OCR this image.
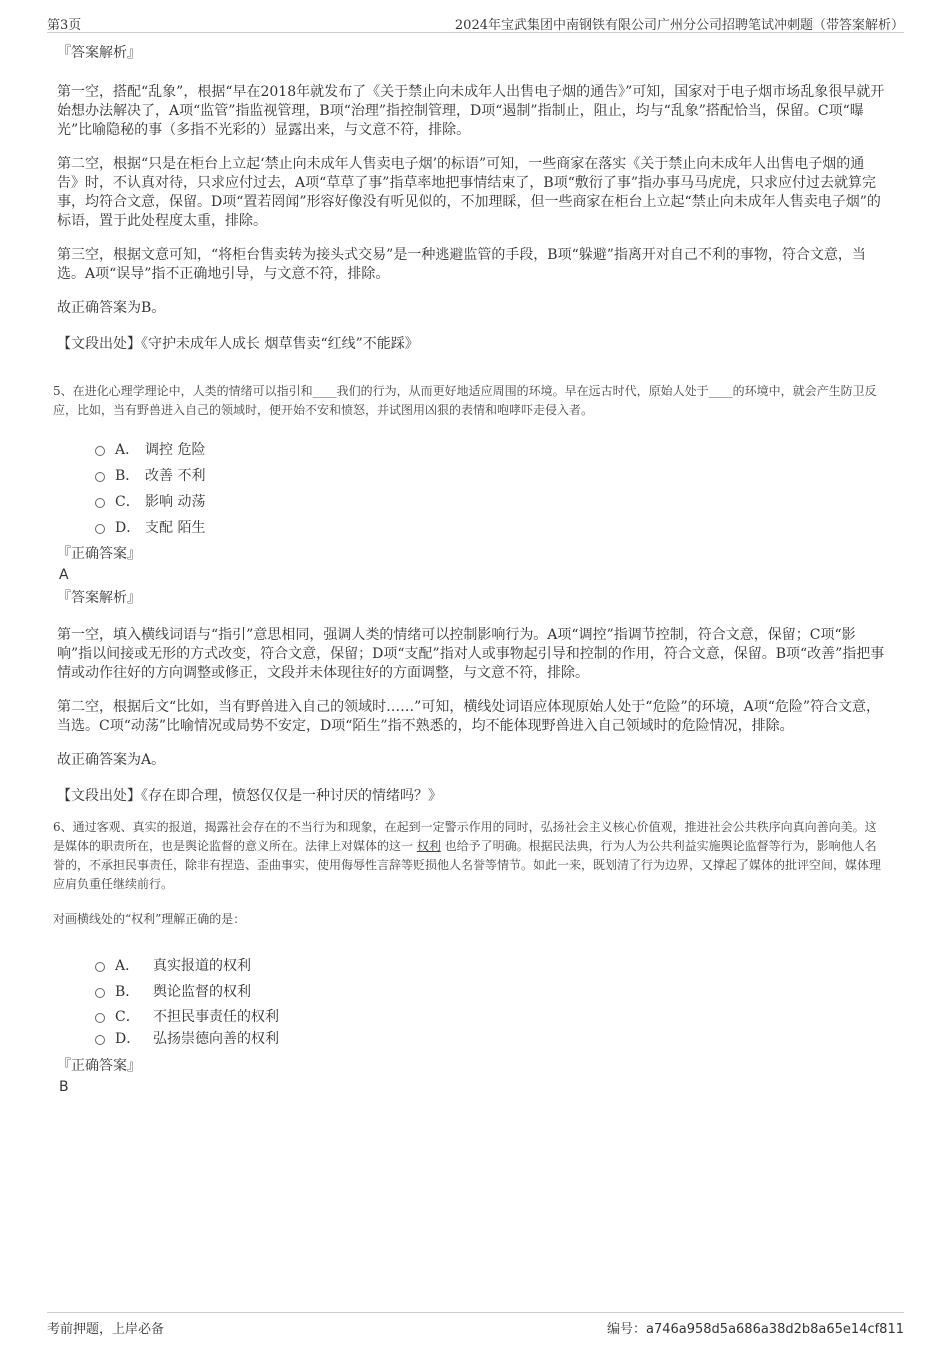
第3页	2024年宝武集团中南钢铁有限公司广州分公司招聘笔试冲刺题（带答案解析）
『答案解析』
第一空，搭配“乱象”，根据“早在2018年就发布了《关于禁止向未成年人出售电子烟的通告》”可知，国家对于电子烟市场乱象很早就开始想办法解决了，A项“监管”指监视管理，B项“治理”指控制管理，D项“遏制”指制止，阻止，均与“乱象”搭配恰当，保留。C项“曝光”比喻隐秘的事（多指不光彩的）显露出来，与文意不符，排除。
第二空，根据“只是在柜台上立起‘禁止向未成年人售卖电子烟’的标语”可知，一些商家在落实《关于禁止向未成年人出售电子烟的通告》时，不认真对待，只求应付过去，A项“草草了事”指草率地把事情结束了，B项“敷衍了事”指办事马马虎虎，只求应付过去就算完事，均符合文意，保留。D项“置若罔闻”形容好像没有听见似的，不加理睬，但一些商家在柜台上立起“禁止向未成年人售卖电子烟”的标语，置于此处程度太重，排除。
第三空，根据文意可知，“将柜台售卖转为接头式交易”是一种逃避监管的手段，B项“躲避”指离开对自己不利的事物，符合文意，当选。A项“误导”指不正确地引导，与文意不符，排除。
故正确答案为B。
【文段出处】《守护未成年人成长 烟草售卖“红线”不能踩》
5、在进化心理学理论中，人类的情绪可以指引和____我们的行为，从而更好地适应周围的环境。早在远古时代，原始人处于____的环境中，就会产生防卫反应，比如，当有野兽进入自己的领域时，便开始不安和愤怒，并试图用凶狠的表情和咆哮吓走侵入者。
A． 调控 危险
B． 改善 不利
C． 影响 动荡
D． 支配 陌生
『正确答案』
A
『答案解析』
第一空，填入横线词语与“指引”意思相同，强调人类的情绪可以控制影响行为。A项“调控”指调节控制，符合文意，保留；C项“影响”指以间接或无形的方式改变，符合文意，保留；D项“支配”指对人或事物起引导和控制的作用，符合文意，保留。B项“改善”指把事情或动作往好的方向调整或修正，文段并未体现往好的方面调整，与文意不符，排除。
第二空，根据后文“比如，当有野兽进入自己的领域时……”可知，横线处词语应体现原始人处于“危险”的环境，A项“危险”符合文意，当选。C项“动荡”比喻情况或局势不安定，D项“陌生”指不熟悉的，均不能体现野兽进入自己领域时的危险情况，排除。
故正确答案为A。
【文段出处】《存在即合理，愤怒仅仅是一种讨厌的情绪吗？》
6、通过客观、真实的报道，揭露社会存在的不当行为和现象，在起到一定警示作用的同时，弘扬社会主义核心价值观，推进社会公共秩序向真向善向美。这是媒体的职责所在，也是舆论监督的意义所在。法律上对媒体的这一 权利 也给予了明确。根据民法典，行为人为公共利益实施舆论监督等行为，影响他人名誉的，不承担民事责任，除非有捏造、歪曲事实，使用侮辱性言辞等贬损他人名誉等情节。如此一来，既划清了行为边界，又撑起了媒体的批评空间，媒体理应肩负重任继续前行。
对画横线处的“权利”理解正确的是：
A． 真实报道的权利
B． 舆论监督的权利
C． 不担民事责任的权利
D． 弘扬崇德向善的权利
『正确答案』
B
考前押题，上岸必备	编号：a746a958d5a686a38d2b8a65e14cf811
